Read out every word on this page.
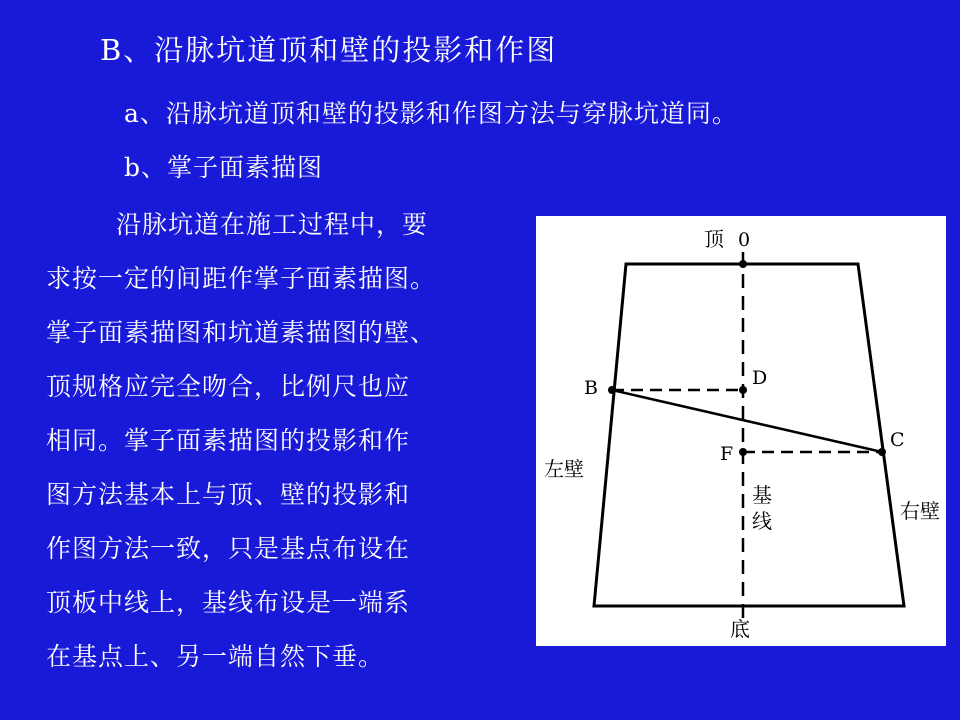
B、沿脉坑道顶和壁的投影和作图
a、沿脉坑道顶和壁的投影和作图方法与穿脉坑道同。
b、掌子面素描图
沿脉坑道在施工过程中，要
求按一定的间距作掌子面素描图。
掌子面素描图和坑道素描图的壁、
顶规格应完全吻合，比例尺也应
相同。掌子面素描图的投影和作
图方法基本上与顶、壁的投影和
作图方法一致，只是基点布设在
顶板中线上，基线布设是一端系
在基点上、另一端自然下垂。
顶 0
B	D
C
F
左壁
右壁
基
线
底
